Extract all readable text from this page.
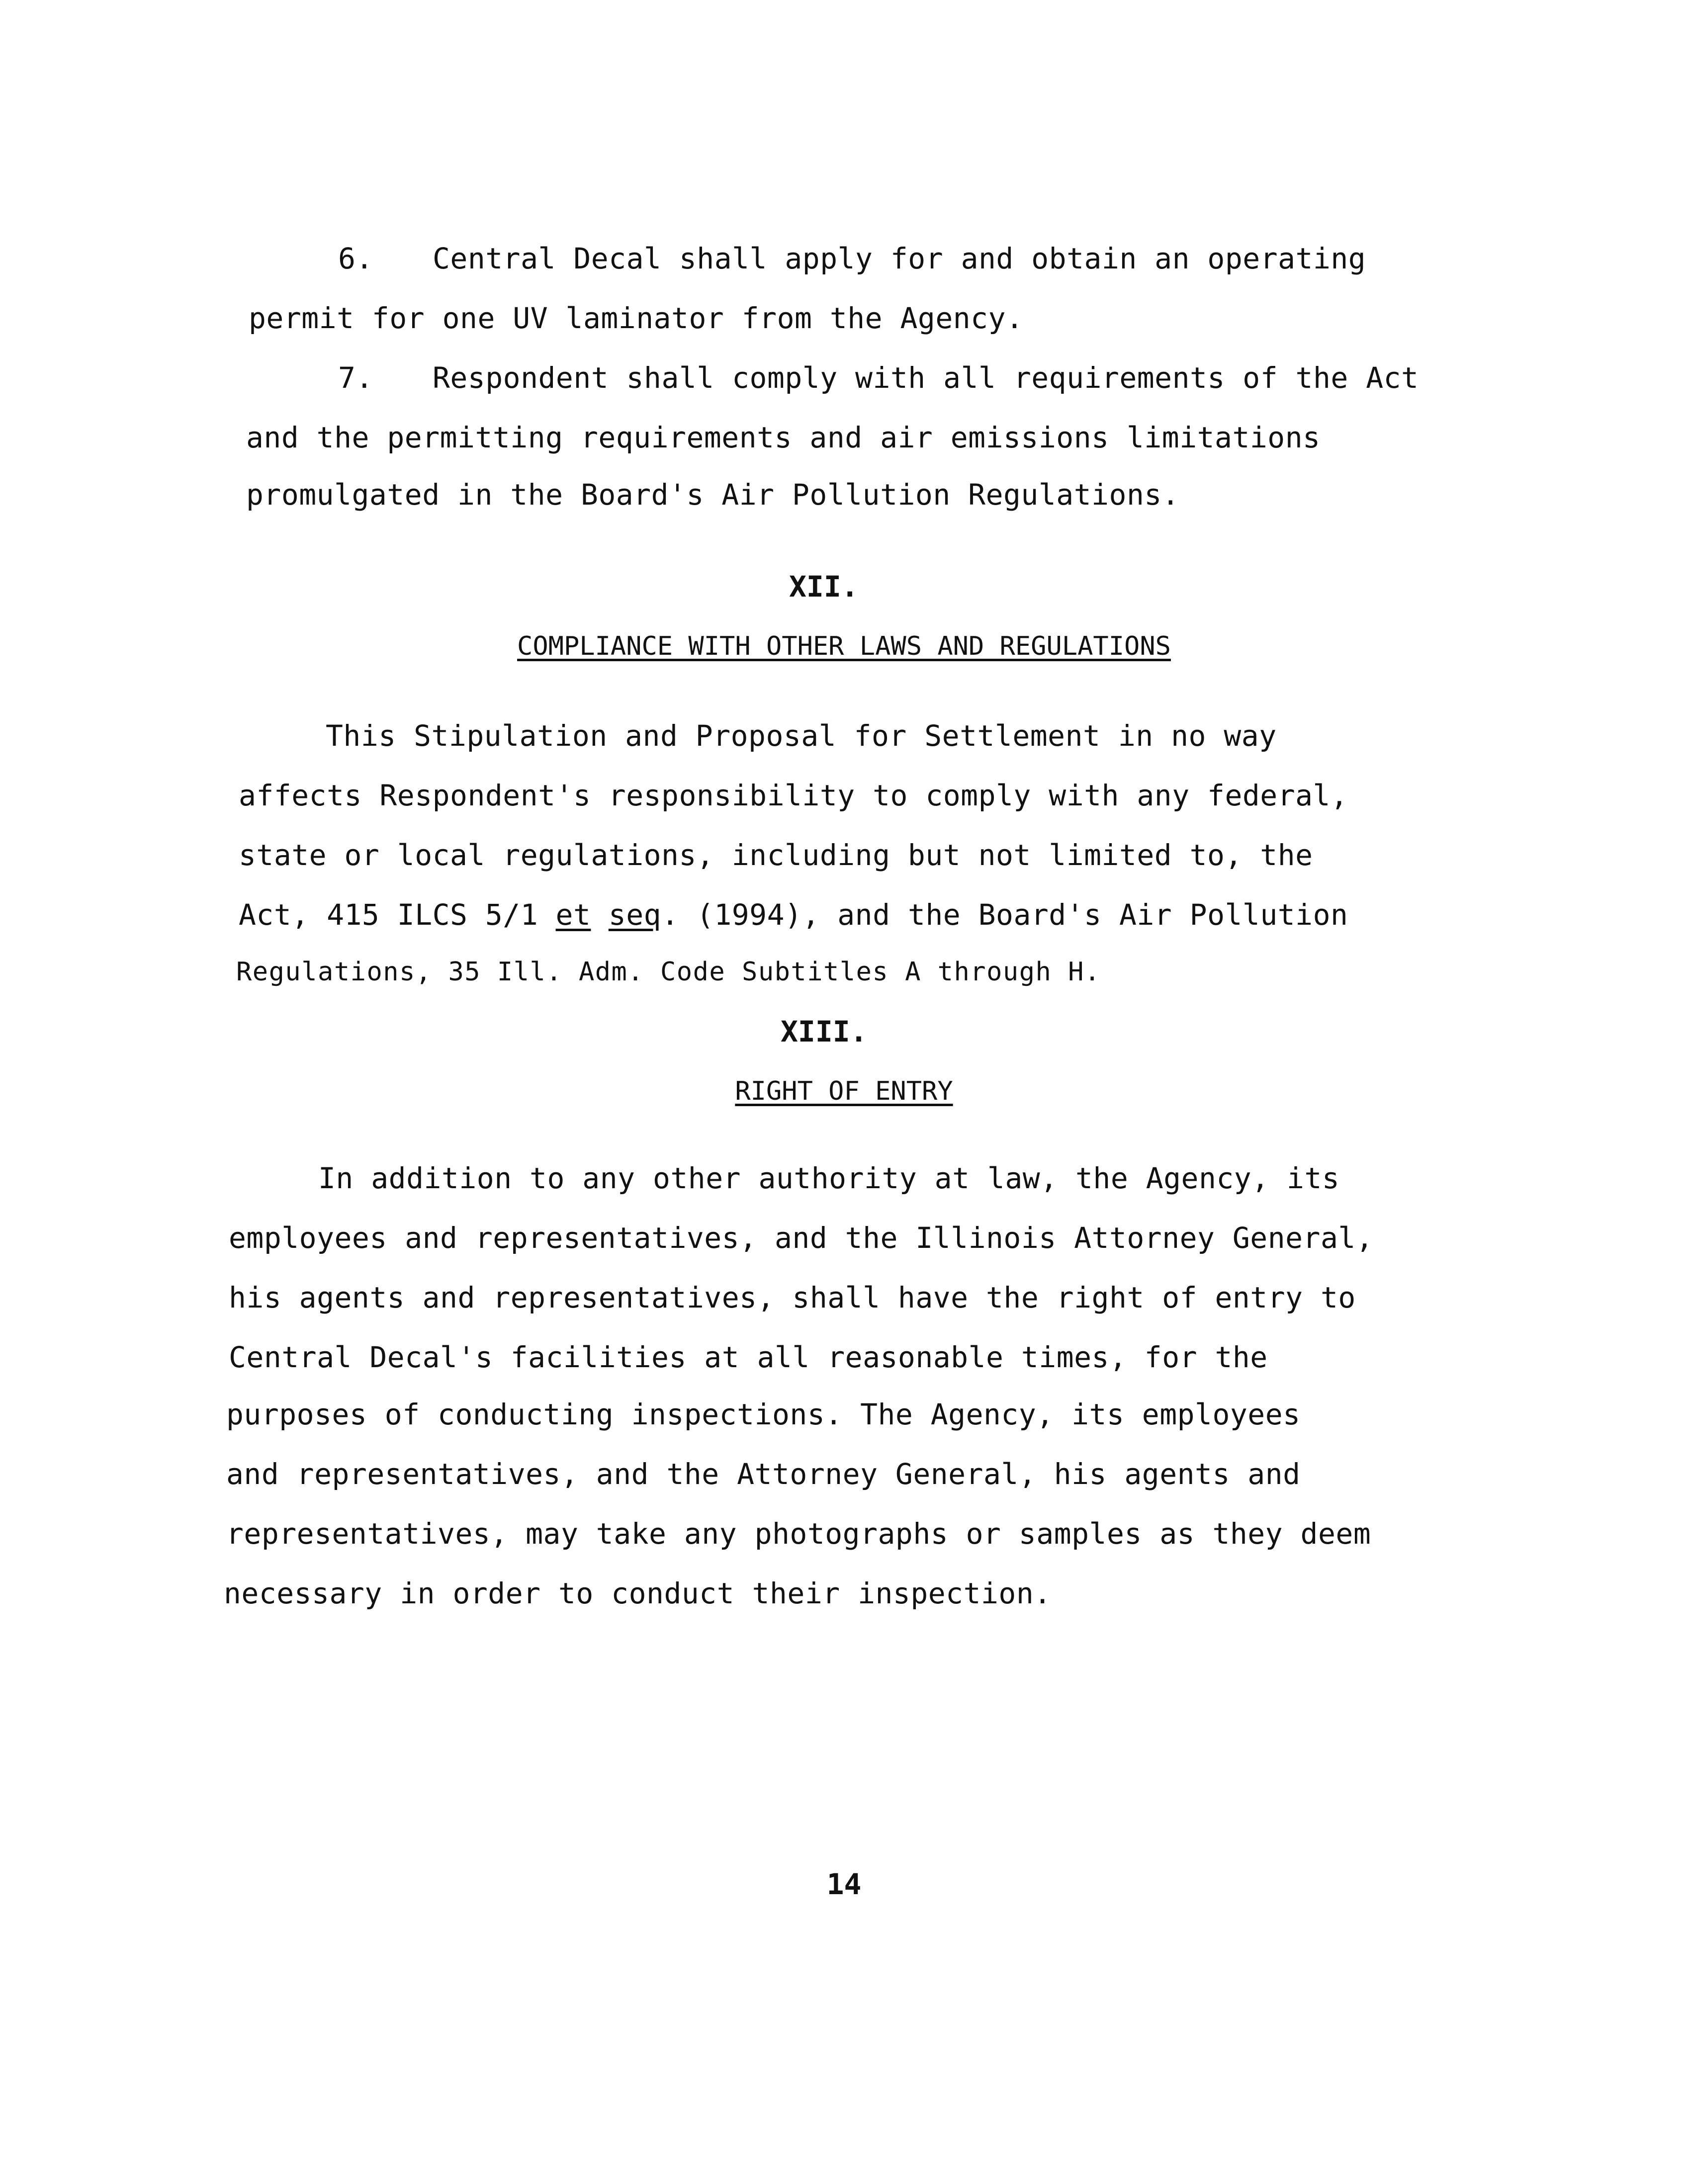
6. Central Decal shall apply for and obtain an operating
permit for one UV laminator from the Agency.
7. Respondent shall comply with all requirements of the Act
and the permitting requirements and air emissions limitations
promulgated in the Board's Air Pollution Regulations.
XII.
COMPLIANCE WITH OTHER LAWS AND REGULATIONS
This Stipulation and Proposal for Settlement in no way
affects Respondent's responsibility to comply with any federal,
state or local regulations, including but not limited to, the
Act, 415 ILCS 5/1 et seq. (1994), and the Board's Air Pollution
Regulations, 35 Ill. Adm. Code Subtitles A through H.
XIII.
RIGHT OF ENTRY
In addition to any other authority at law, the Agency, its
employees and representatives, and the Illinois Attorney General,
his agents and representatives, shall have the right of entry to
Central Decal's facilities at all reasonable times, for the
purposes of conducting inspections. The Agency, its employees
and representatives, and the Attorney General, his agents and
representatives, may take any photographs or samples as they deem
necessary in order to conduct their inspection.
14
